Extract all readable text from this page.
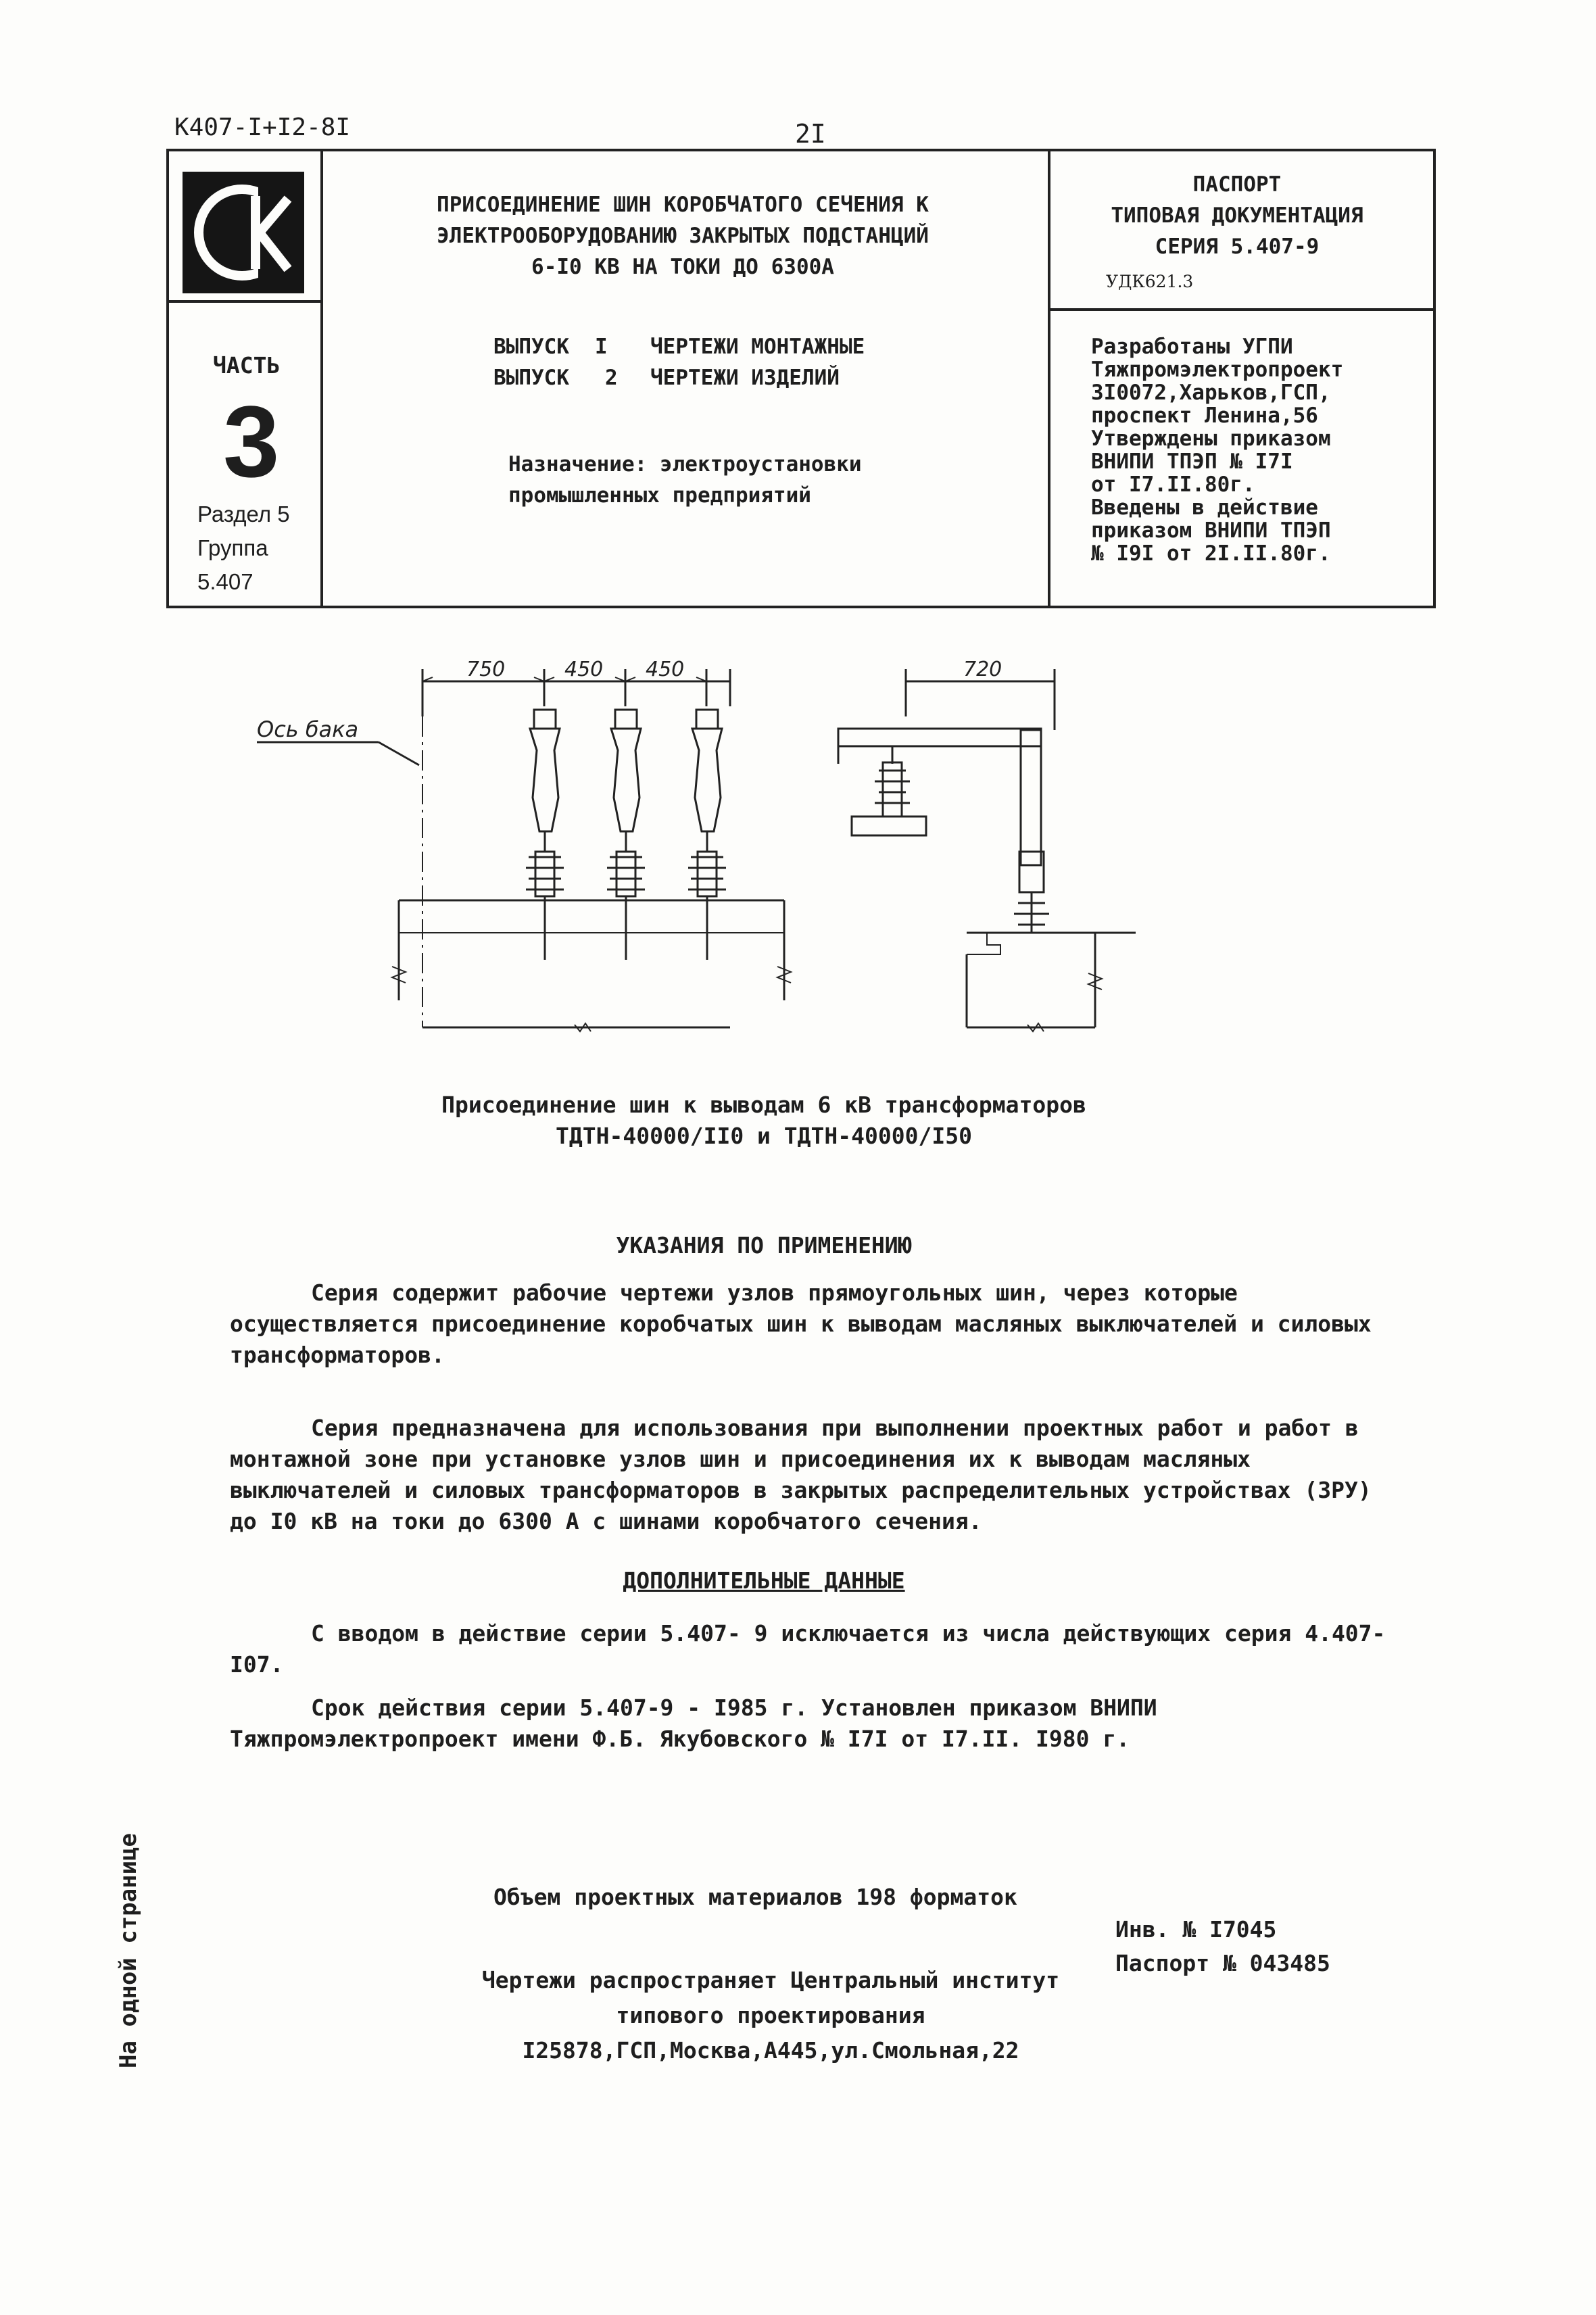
К407-I+I2-8I	2I
ЧАСТЬ
3
Раздел 5
Группа
5.407
ПРИСОЕДИНЕНИЕ ШИН КОРОБЧАТОГО СЕЧЕНИЯ К
ЭЛЕКТРООБОРУДОВАНИЮ ЗАКРЫТЫХ ПОДСТАНЦИЙ
6-I0 КВ НА ТОКИ ДО 6300А
ВЫПУСК I ЧЕРТЕЖИ МОНТАЖНЫЕ
ВЫПУСК 2 ЧЕРТЕЖИ ИЗДЕЛИЙ
Назначение: электроустановки
промышленных предприятий
ПАСПОРТ
ТИПОВАЯ ДОКУМЕНТАЦИЯ
СЕРИЯ 5.407-9
УДК621.3
Разработаны УГПИ
Тяжпромэлектропроект
3I0072,Харьков,ГСП,
проспект Ленина,56
Утверждены приказом
ВНИПИ ТПЭП № I7I
от I7.II.80г.
Введены в действие
приказом ВНИПИ ТПЭП
№ I9I от 2I.II.80г.
750	450 450
Ось бака
720
Присоединение шин к выводам 6 кВ трансформаторов
ТДТН-40000/II0 и ТДТН-40000/I50
УКАЗАНИЯ ПО ПРИМЕНЕНИЮ
Серия содержит рабочие чертежи узлов прямоугольных шин, через которые осуществляется присоединение коробчатых шин к выводам масляных выключателей и силовых трансформаторов.
Серия предназначена для использования при выполнении проектных работ и работ в монтажной зоне при установке узлов шин и присоединения их к выводам масляных выключателей и силовых трансформаторов в закрытых распределительных устройствах (ЗРУ) до I0 кВ на токи до 6300 А с шинами коробчатого сечения.
ДОПОЛНИТЕЛЬНЫЕ ДАННЫЕ
С вводом в действие серии 5.407- 9 исключается из числа действующих серия 4.407-I07.
Срок действия серии 5.407-9 - I985 г. Установлен приказом ВНИПИ Тяжпромэлектропроект имени Ф.Б. Якубовского № I7I от I7.II. I980 г.
Объем проектных материалов 198 форматок
Чертежи распространяет Центральный институт
типового проектирования
I25878,ГСП,Москва,А445,ул.Смольная,22
Инв. № I7045
Паспорт № 043485
На одной странице
